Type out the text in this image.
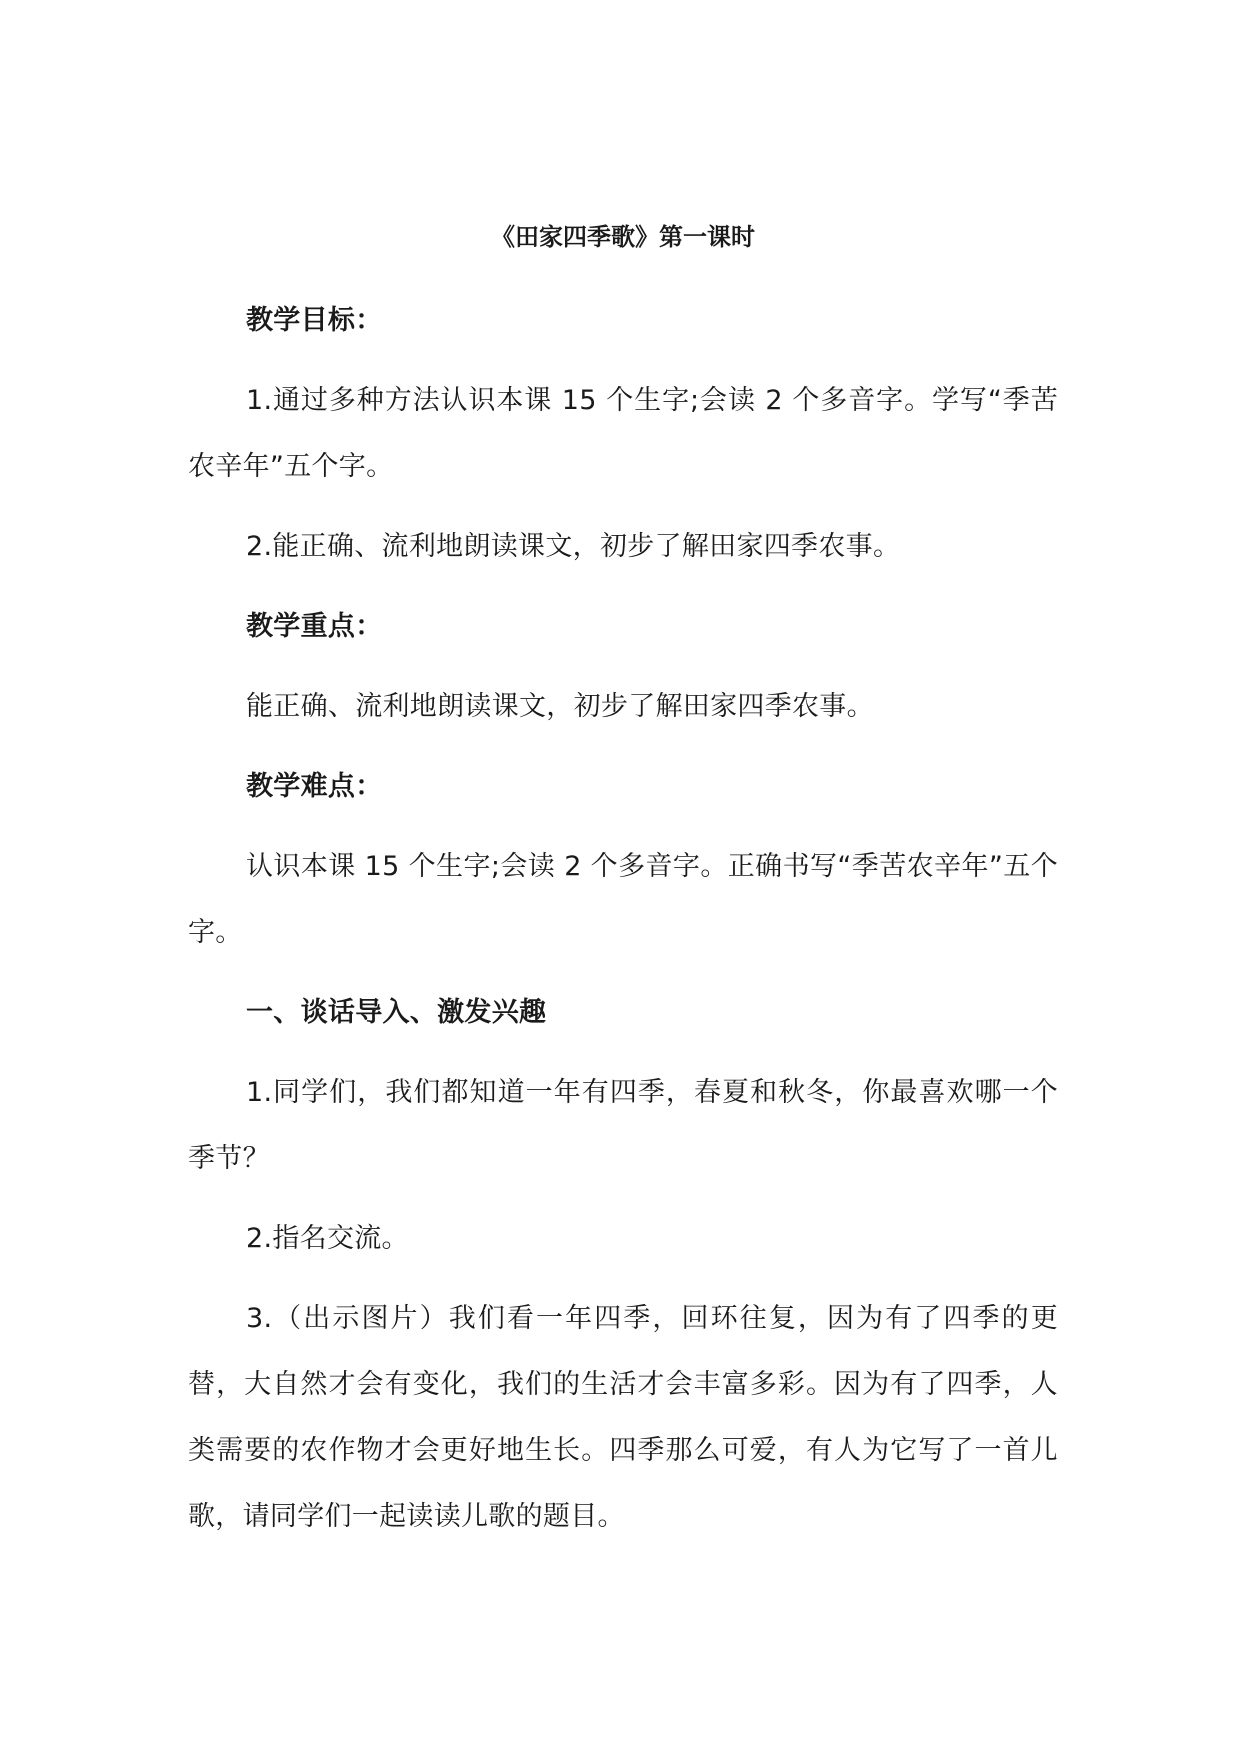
《田家四季歌》第一课时

教学目标：

1.通过多种方法认识本课 15 个生字;会读 2 个多音字。学写“季苦农辛年”五个字。

2.能正确、流利地朗读课文，初步了解田家四季农事。

教学重点：

能正确、流利地朗读课文，初步了解田家四季农事。

教学难点：

认识本课 15 个生字;会读 2 个多音字。正确书写“季苦农辛年”五个字。

一、谈话导入、激发兴趣

1.同学们，我们都知道一年有四季，春夏和秋冬，你最喜欢哪一个季节？

2.指名交流。

3.（出示图片）我们看一年四季，回环往复，因为有了四季的更替，大自然才会有变化，我们的生活才会丰富多彩。因为有了四季，人类需要的农作物才会更好地生长。四季那么可爱，有人为它写了一首儿歌，请同学们一起读读儿歌的题目。
